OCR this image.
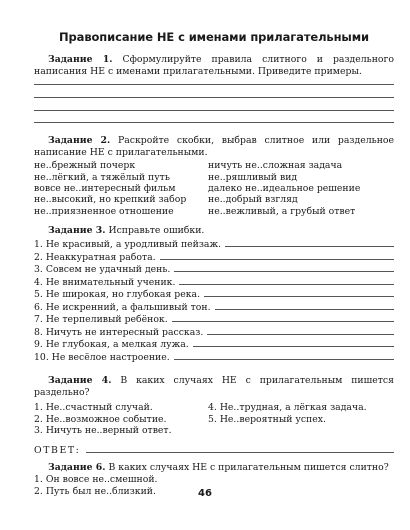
Правописание НЕ с именами прилагательными

Задание 1. Сформулируйте правила слитного и раздельного написания НЕ с именами прилагательными. Приведите примеры.

Задание 2. Раскройте скобки, выбрав слитное или раздельное написание НЕ с прилагательными.

не..брежный почерк	ничуть не..сложная задача
не..лёгкий, а тяжёлый путь	не..ряшливый вид
вовсе не..интересный фильм	далеко не..идеальное решение
не..высокий, но крепкий забор	не..добрый взгляд
не..приязненное отношение	не..вежливый, а грубый ответ

Задание 3. Исправьте ошибки.

1. Не красивый, а уродливый пейзаж.
2. Неаккуратная работа.
3. Совсем не удачный день.
4. Не внимательный ученик.
5. Не широкая, но глубокая река.
6. Не искренний, а фальшивый тон.
7. Не терпеливый ребёнок.
8. Ничуть не интересный рассказ.
9. Не глубокая, а мелкая лужа.
10. Не весёлое настроение.

Задание 4. В каких случаях НЕ с прилагательным пишется раздельно?

1. Не..счастный случай.	4. Не..трудная, а лёгкая задача.
2. Не..возможное событие.	5. Не..вероятный успех.
3. Ничуть не..верный ответ.
ОТВЕТ:

Задание 6. В каких случаях НЕ с прилагательным пишется слитно?

1. Он вовсе не..смешной.
2. Путь был не..близкий.	46
